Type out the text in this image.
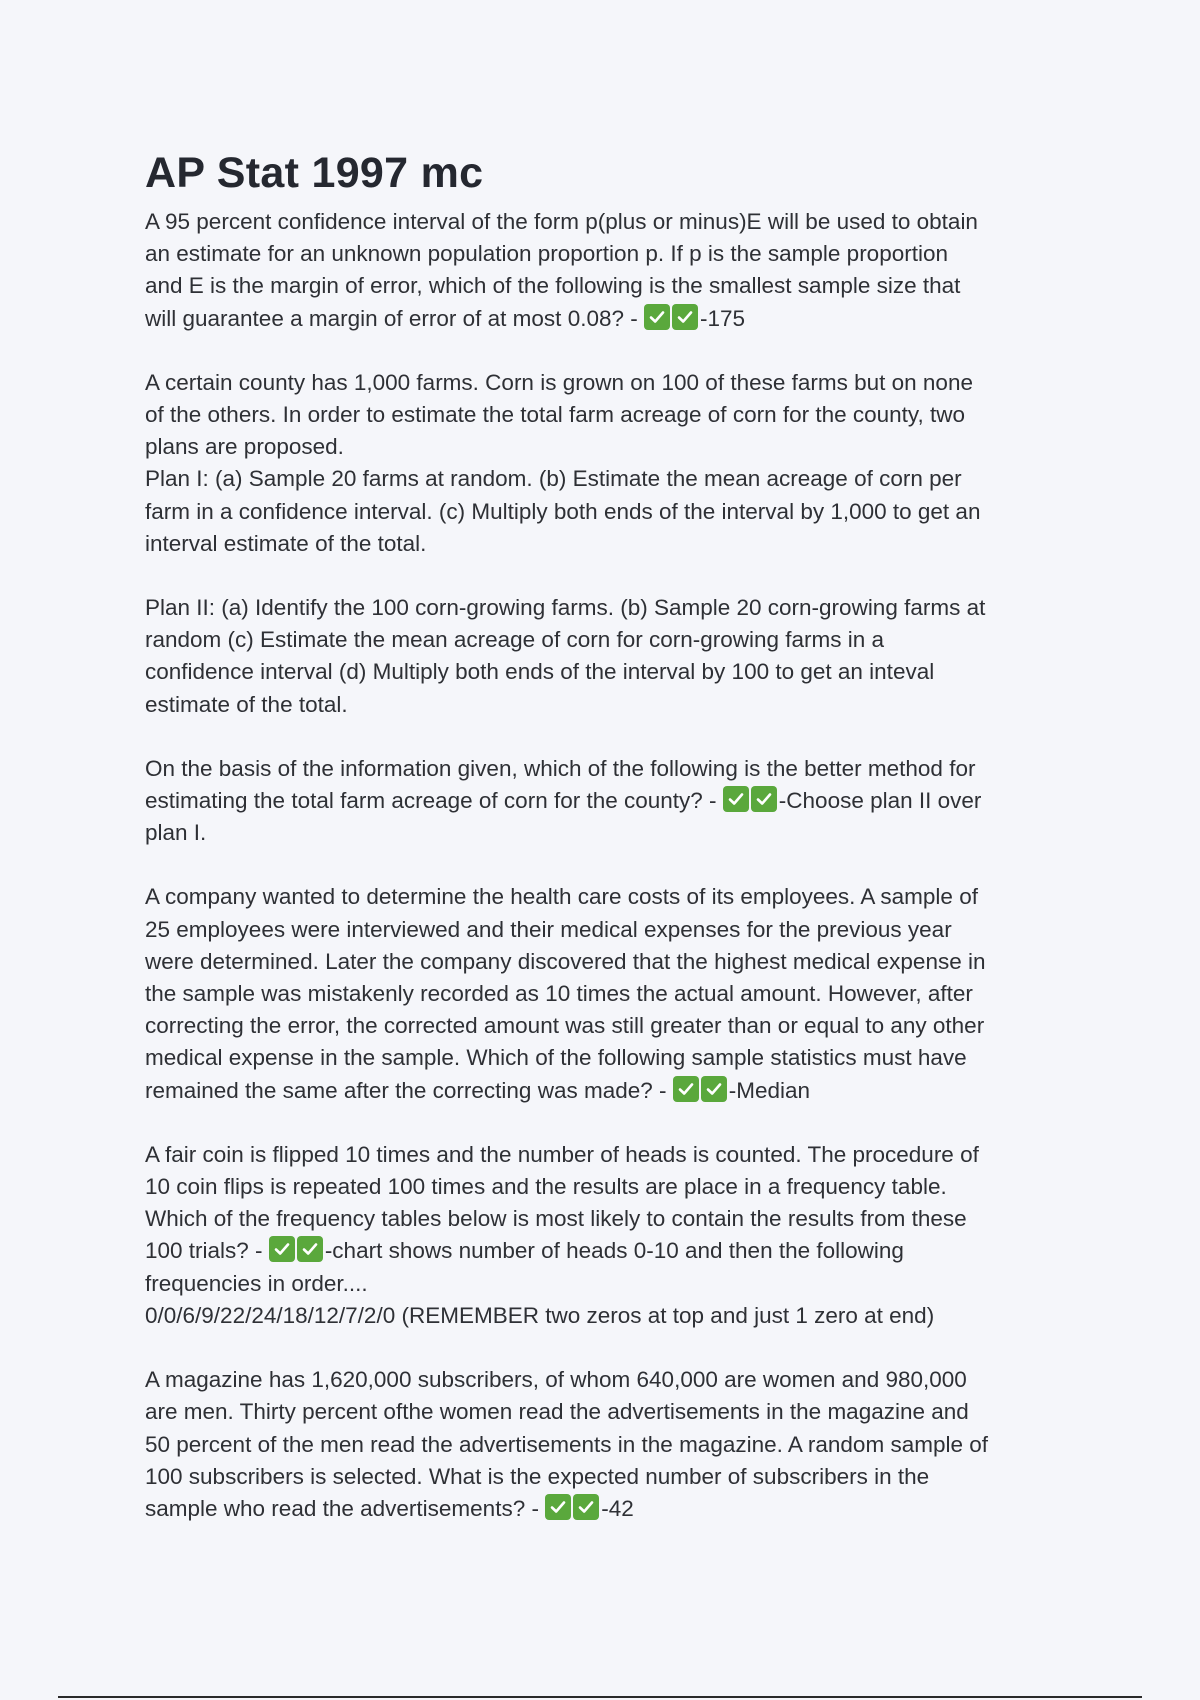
AP Stat 1997 mc
A 95 percent confidence interval of the form p(plus or minus)E will be used to obtain
an estimate for an unknown population proportion p. If p is the sample proportion
and E is the margin of error, which of the following is the smallest sample size that
will guarantee a margin of error of at most 0.08? -
-175
A certain county has 1,000 farms. Corn is grown on 100 of these farms but on none
of the others. In order to estimate the total farm acreage of corn for the county, two
plans are proposed.
Plan I: (a) Sample 20 farms at random. (b) Estimate the mean acreage of corn per
farm in a confidence interval. (c) Multiply both ends of the interval by 1,000 to get an
interval estimate of the total.
Plan II: (a) Identify the 100 corn-growing farms. (b) Sample 20 corn-growing farms at
random (c) Estimate the mean acreage of corn for corn-growing farms in a
confidence interval (d) Multiply both ends of the interval by 100 to get an inteval
estimate of the total.
On the basis of the information given, which of the following is the better method for
estimating the total farm acreage of corn for the county? -
-Choose plan II over
plan I.
A company wanted to determine the health care costs of its employees. A sample of
25 employees were interviewed and their medical expenses for the previous year
were determined. Later the company discovered that the highest medical expense in
the sample was mistakenly recorded as 10 times the actual amount. However, after
correcting the error, the corrected amount was still greater than or equal to any other
medical expense in the sample. Which of the following sample statistics must have
remained the same after the correcting was made? -
-Median
A fair coin is flipped 10 times and the number of heads is counted. The procedure of
10 coin flips is repeated 100 times and the results are place in a frequency table.
Which of the frequency tables below is most likely to contain the results from these
100 trials? -
-chart shows number of heads 0-10 and then the following
frequencies in order....
0/0/6/9/22/24/18/12/7/2/0 (REMEMBER two zeros at top and just 1 zero at end)
A magazine has 1,620,000 subscribers, of whom 640,000 are women and 980,000
are men. Thirty percent ofthe women read the advertisements in the magazine and
50 percent of the men read the advertisements in the magazine. A random sample of
100 subscribers is selected. What is the expected number of subscribers in the
sample who read the advertisements? -
-42
